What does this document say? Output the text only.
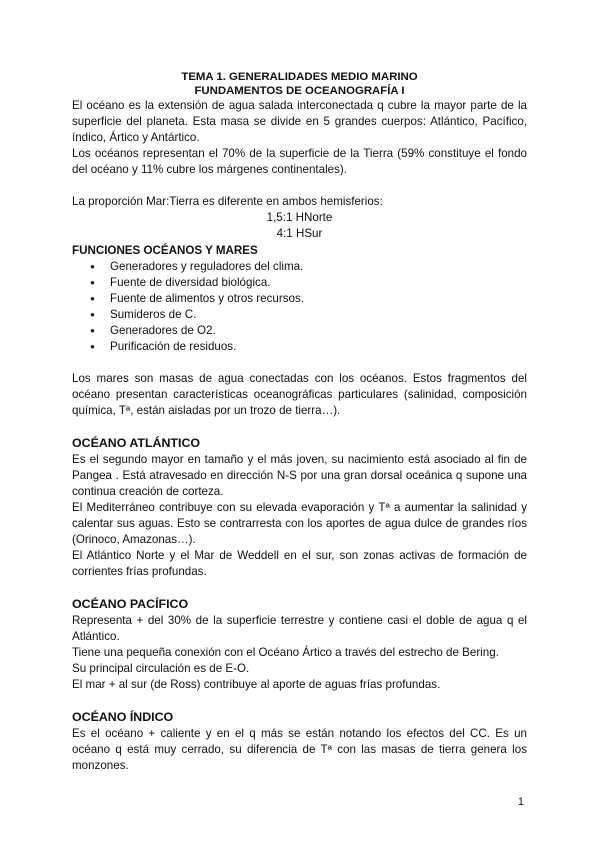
TEMA 1. GENERALIDADES MEDIO MARINO
FUNDAMENTOS DE OCEANOGRAFÍA I

El océano es la extensión de agua salada interconectada q cubre la mayor parte de la superficie del planeta. Esta masa se divide en 5 grandes cuerpos: Atlántico, Pacífico, índico, Ártico y Antártico.

Los océanos representan el 70% de la superficie de la Tierra (59% constituye el fondo del océano y 11% cubre los márgenes continentales).

La proporción Mar:Tierra es diferente en ambos hemisferios:

1,5:1 HNorte

4:1 HSur

FUNCIONES OCÉANOS Y MARES
● Generadores y reguladores del clima.
● Fuente de diversidad biológica.
● Fuente de alimentos y otros recursos.
● Sumideros de C.
● Generadores de O2.
● Purificación de residuos.

Los mares son masas de agua conectadas con los océanos. Estos fragmentos del océano presentan características oceanográficas particulares (salinidad, composición química, Tª, están aisladas por un trozo de tierra…).

OCÉANO ATLÁNTICO

Es el segundo mayor en tamaño y el más joven, su nacimiento está asociado al fin de Pangea . Está atravesado en dirección N-S por una gran dorsal oceánica q supone una continua creación de corteza.

El Mediterráneo contribuye con su elevada evaporación y Tª a aumentar la salinidad y calentar sus aguas. Esto se contrarresta con los aportes de agua dulce de grandes ríos (Orinoco, Amazonas…).

El Atlántico Norte y el Mar de Weddell en el sur, son zonas activas de formación de corrientes frías profundas.

OCÉANO PACÍFICO

Representa + del 30% de la superficie terrestre y contiene casi el doble de agua q el Atlántico.

Tiene una pequeña conexión con el Océano Ártico a través del estrecho de Bering.

Su principal circulación es de E-O.

El mar + al sur (de Ross) contribuye al aporte de aguas frías profundas.

OCÉANO ÍNDICO

Es el océano + caliente y en el q más se están notando los efectos del CC. Es un océano q está muy cerrado, su diferencia de Tª con las masas de tierra genera los monzones.

1
